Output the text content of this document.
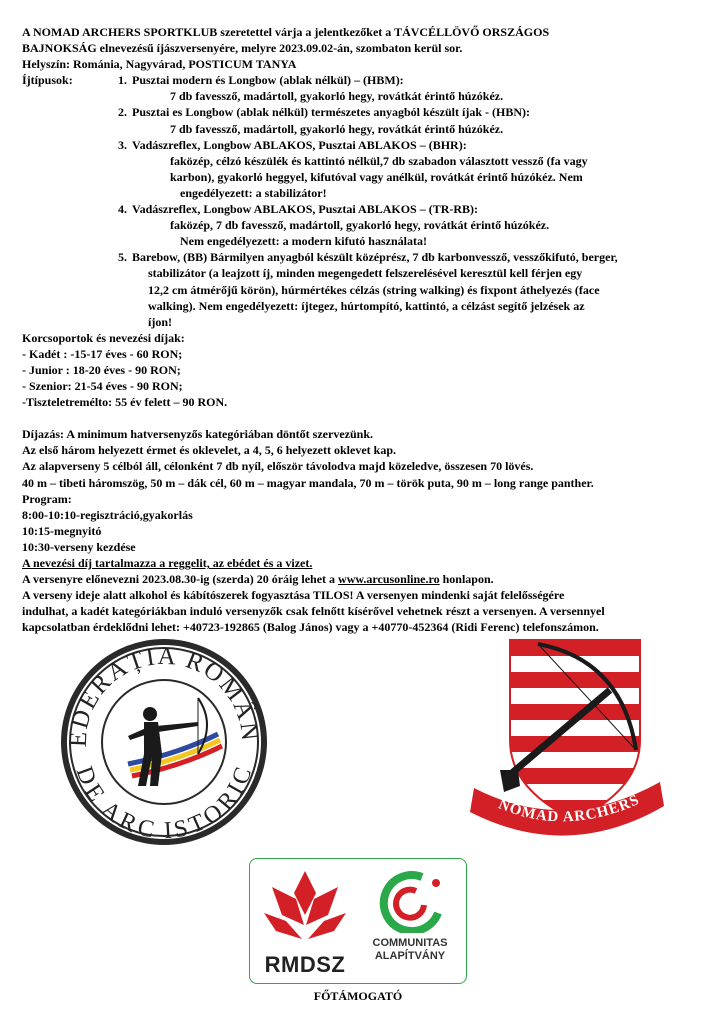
A NOMAD ARCHERS SPORTKLUB szeretettel várja a jelentkezőket a TÁVCÉLLÖVŐ ORSZÁGOS
BAJNOKSÁG elnevezésű íjászversenyére, melyre 2023.09.02-án, szombaton kerül sor.
Helyszín: Románia, Nagyvárad, POSTICUM TANYA
Íjtípusok:	1. Pusztai modern és Longbow (ablak nélkül) – (HBM):
7 db favessző, madártoll, gyakorló hegy, rovátkát érintő húzókéz.
2. Pusztai es Longbow (ablak nélkül) természetes anyagból készült íjak - (HBN):
7 db favessző, madártoll, gyakorló hegy, rovátkát érintő húzókéz.
3. Vadászreflex, Longbow ABLAKOS, Pusztai ABLAKOS – (BHR):
faközép, célzó készülék és kattintó nélkül,7 db szabadon választott vessző (fa vagy
karbon), gyakorló heggyel, kifutóval vagy anélkül, rovátkát érintő húzókéz. Nem
engedélyezett: a stabilizátor!
4. Vadászreflex, Longbow ABLAKOS, Pusztai ABLAKOS – (TR-RB):
faközép, 7 db favessző, madártoll, gyakorló hegy, rovátkát érintő húzókéz.
Nem engedélyezett: a modern kifutó használata!
5. Barebow, (BB) Bármilyen anyagból készült középrész, 7 db karbonvessző, vesszőkifutó, berger,
stabilizátor (a leajzott íj, minden megengedett felszerelésével keresztül kell férjen egy
12,2 cm átmérőjű körön), húrmértékes célzás (string walking) és fixpont áthelyezés (face
walking). Nem engedélyezett: íjtegez, húrtompító, kattintó, a célzást segítő jelzések az
íjon!
Korcsoportok és nevezési díjak:
- Kadét : -15-17 éves - 60 RON;
- Junior : 18-20 éves - 90 RON;
- Szenior: 21-54 éves - 90 RON;
-Tiszteletremélto: 55 év felett – 90 RON.
Díjazás: A minimum hatversenyzős kategóriában döntőt szervezünk.
Az első három helyezett érmet és oklevelet, a 4, 5, 6 helyezett oklevet kap.
Az alapverseny 5 célból áll, célonként 7 db nyíl, először távolodva majd közeledve, összesen 70 lövés.
40 m – tibeti háromszög, 50 m – dák cél, 60 m – magyar mandala, 70 m – török puta, 90 m – long range panther.
Program:
8:00-10:10-regisztráció,gyakorlás
10:15-megnyitó
10:30-verseny kezdése
A nevezési díj tartalmazza a reggelit, az ebédet és a vizet.
A versenyre előnevezni 2023.08.30-ig (szerda) 20 óráig lehet a www.arcusonline.ro honlapon.
A verseny ideje alatt alkohol és kábítószerek fogyasztása TILOS! A versenyen mindenki saját felelősségére
indulhat, a kadét kategóriákban induló versenyzők csak felnőtt kísérővel vehetnek részt a versenyen. A versennyel
kapcsolatban érdeklődni lehet: +40723-192865 (Balog János) vagy a +40770-452364 (Ridi Ferenc) telefonszámon.
EDERAȚIA ROMÂN
DE ARC ISTORIC
NOMAD ARCHERS
RMDSZ
COMMUNITAS
ALAPÍTVÁNY
FŐTÁMOGATÓ
